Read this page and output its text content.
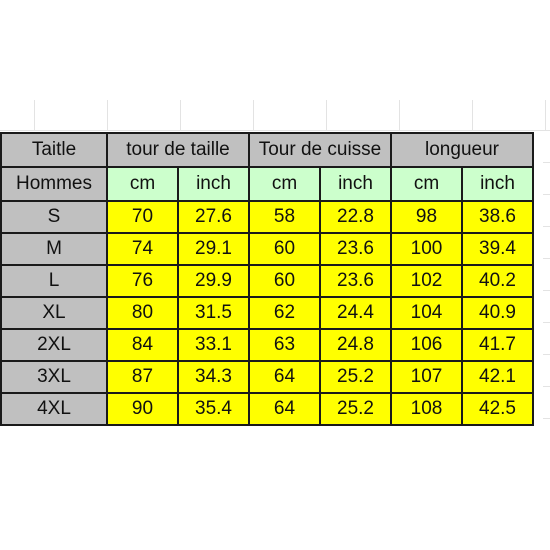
Taitle	tour de taille		Tour de cuisse		longueur	
Hommes	cm	inch	cm	inch	cm	inch
S	70	27.6	58	22.8	98	38.6
M	74	29.1	60	23.6	100	39.4
L	76	29.9	60	23.6	102	40.2
XL	80	31.5	62	24.4	104	40.9
2XL	84	33.1	63	24.8	106	41.7
3XL	87	34.3	64	25.2	107	42.1
4XL	90	35.4	64	25.2	108	42.5
